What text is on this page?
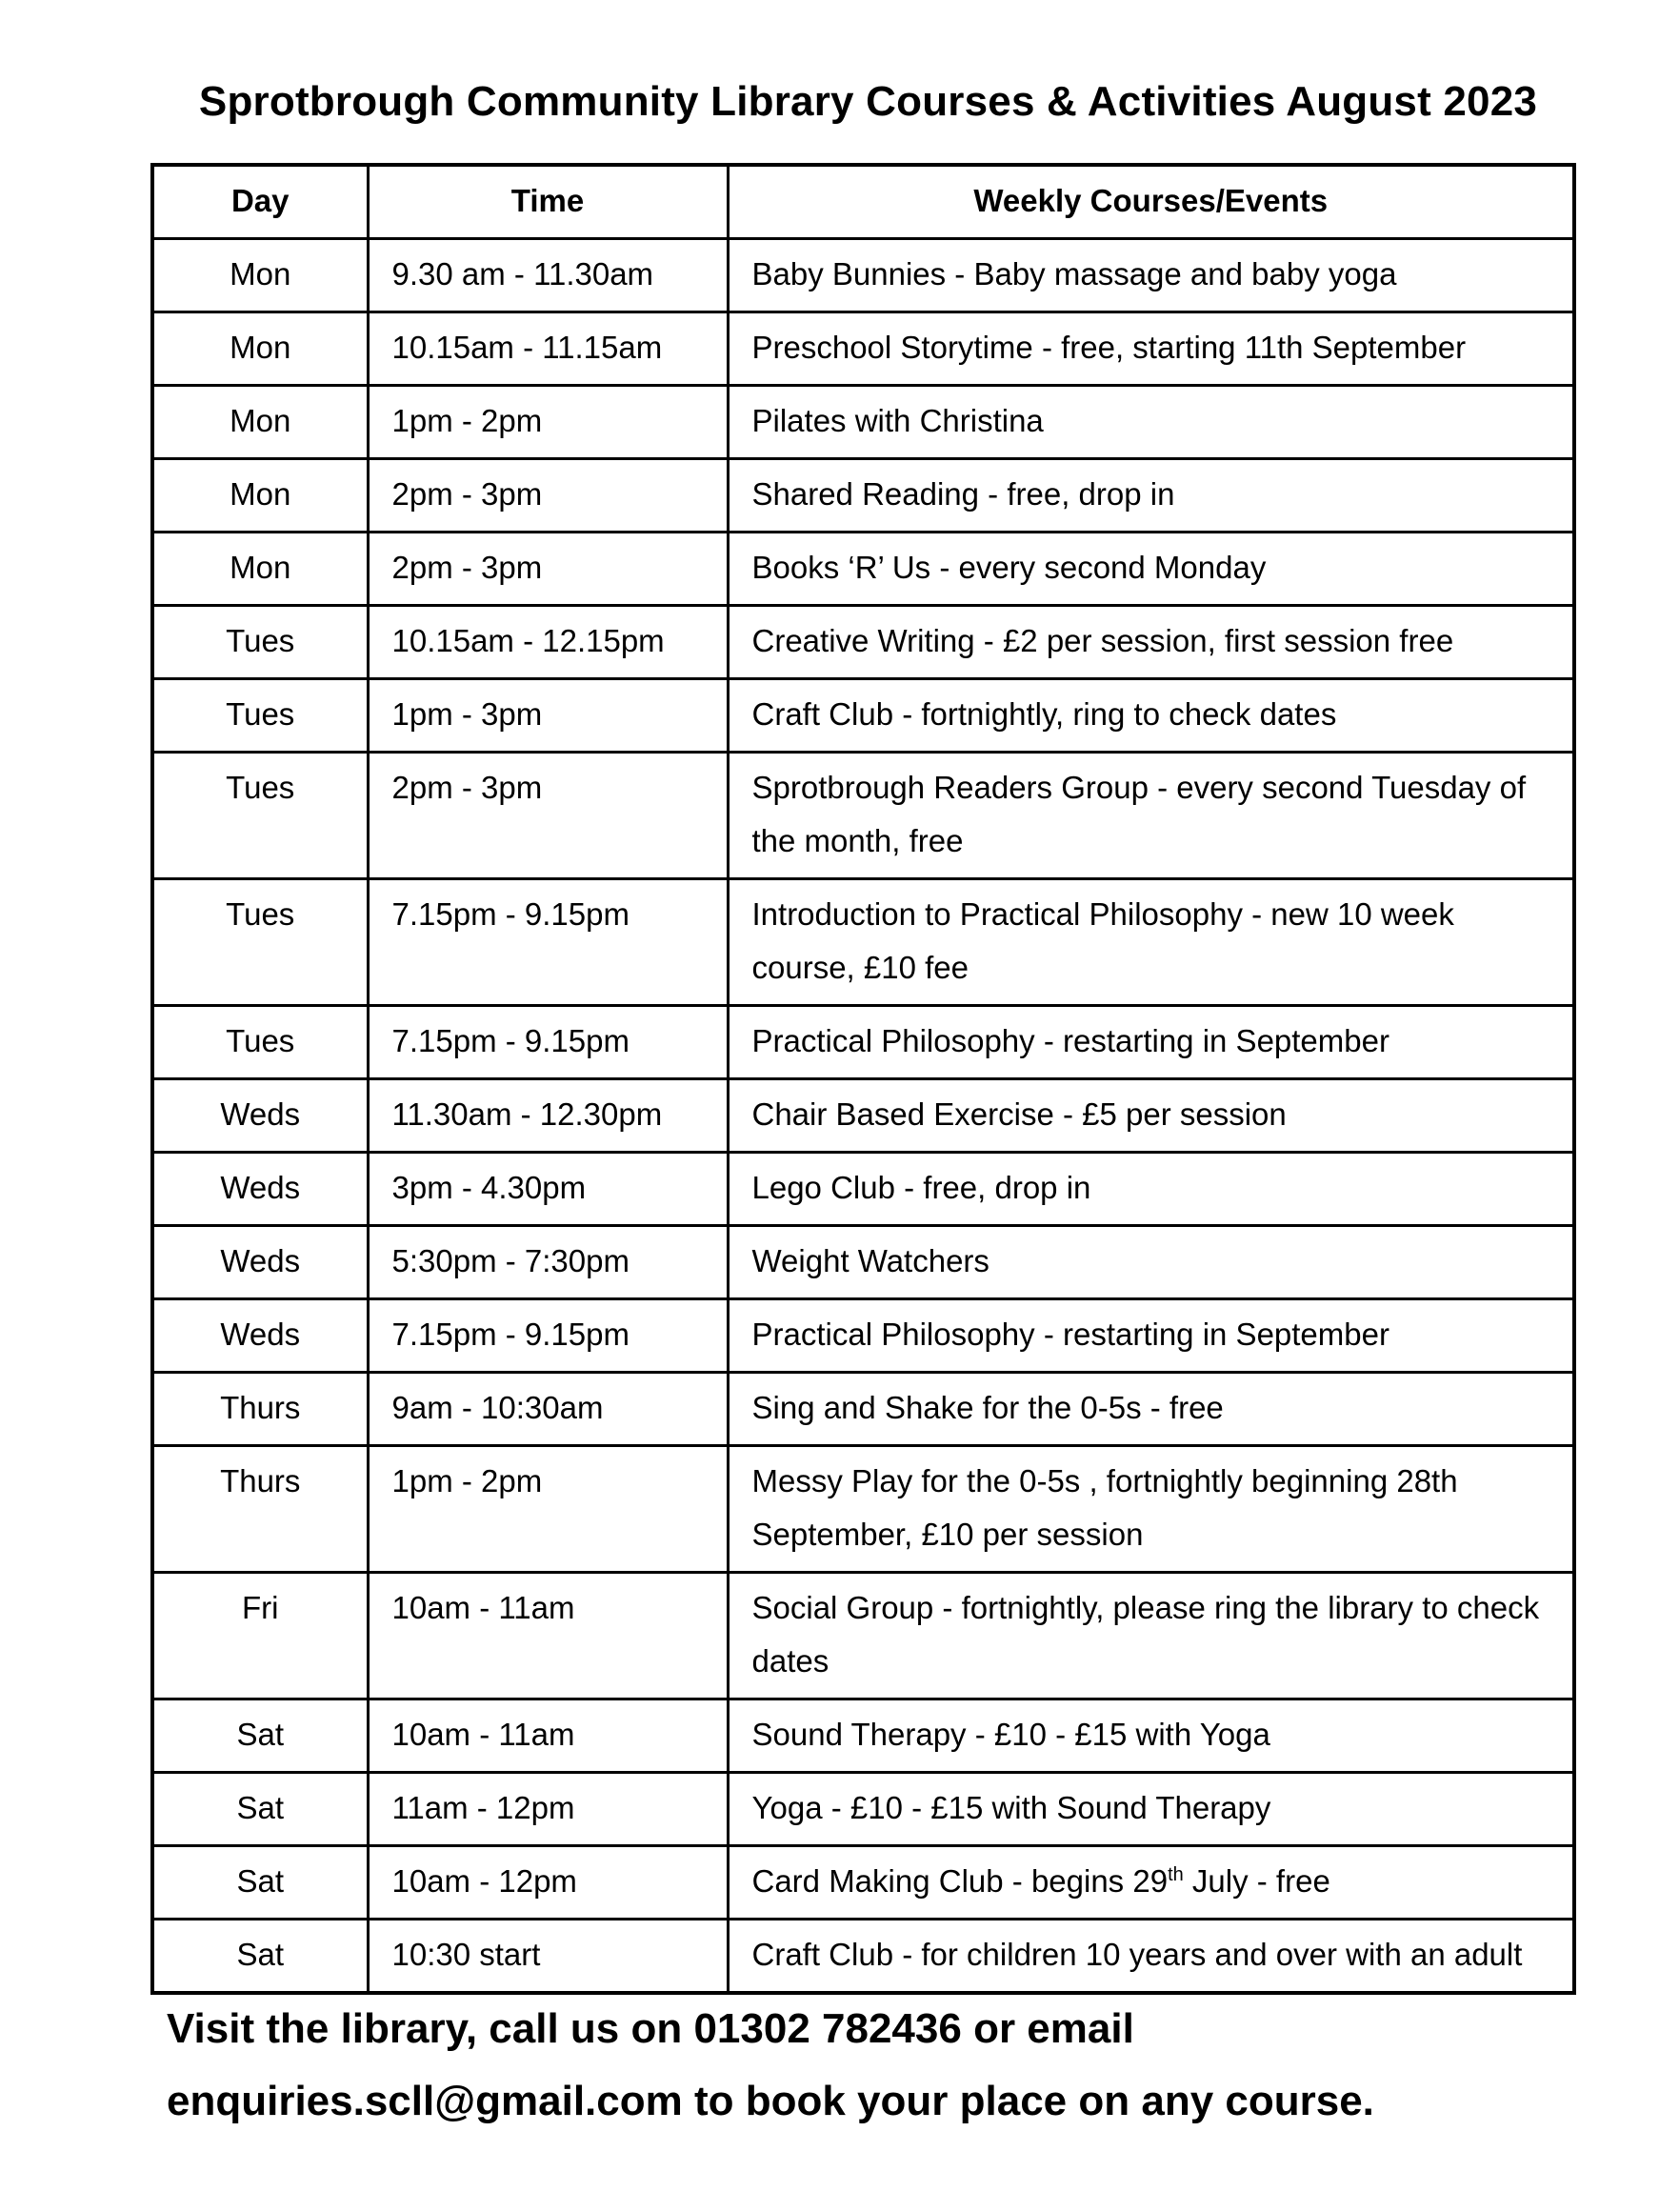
Sprotbrough Community Library Courses & Activities August 2023
Day	Time	Weekly Courses/Events
Mon	9.30 am - 11.30am	Baby Bunnies - Baby massage and baby yoga
Mon	10.15am - 11.15am	Preschool Storytime - free, starting 11th September
Mon	1pm - 2pm	Pilates with Christina
Mon	2pm - 3pm	Shared Reading - free, drop in
Mon	2pm - 3pm	Books ‘R’ Us - every second Monday
Tues	10.15am - 12.15pm	Creative Writing - £2 per session, first session free
Tues	1pm - 3pm	Craft Club - fortnightly, ring to check dates
Tues	2pm - 3pm	Sprotbrough Readers Group - every second Tuesday of the month, free
Tues	7.15pm - 9.15pm	Introduction to Practical Philosophy - new 10 week course, £10 fee
Tues	7.15pm - 9.15pm	Practical Philosophy - restarting in September
Weds	11.30am - 12.30pm	Chair Based Exercise - £5 per session
Weds	3pm - 4.30pm	Lego Club - free, drop in
Weds	5:30pm - 7:30pm	Weight Watchers
Weds	7.15pm - 9.15pm	Practical Philosophy - restarting in September
Thurs	9am - 10:30am	Sing and Shake for the 0-5s - free
Thurs	1pm - 2pm	Messy Play for the 0-5s , fortnightly beginning 28th September, £10 per session
Fri	10am - 11am	Social Group - fortnightly, please ring the library to check dates
Sat	10am - 11am	Sound Therapy - £10 - £15 with Yoga
Sat	11am - 12pm	Yoga - £10 - £15 with Sound Therapy
Sat	10am - 12pm	Card Making Club - begins 29th July - free
Sat	10:30 start	Craft Club - for children 10 years and over with an adult

Visit the library, call us on 01302 782436 or email

enquiries.scll@gmail.com to book your place on any course.
